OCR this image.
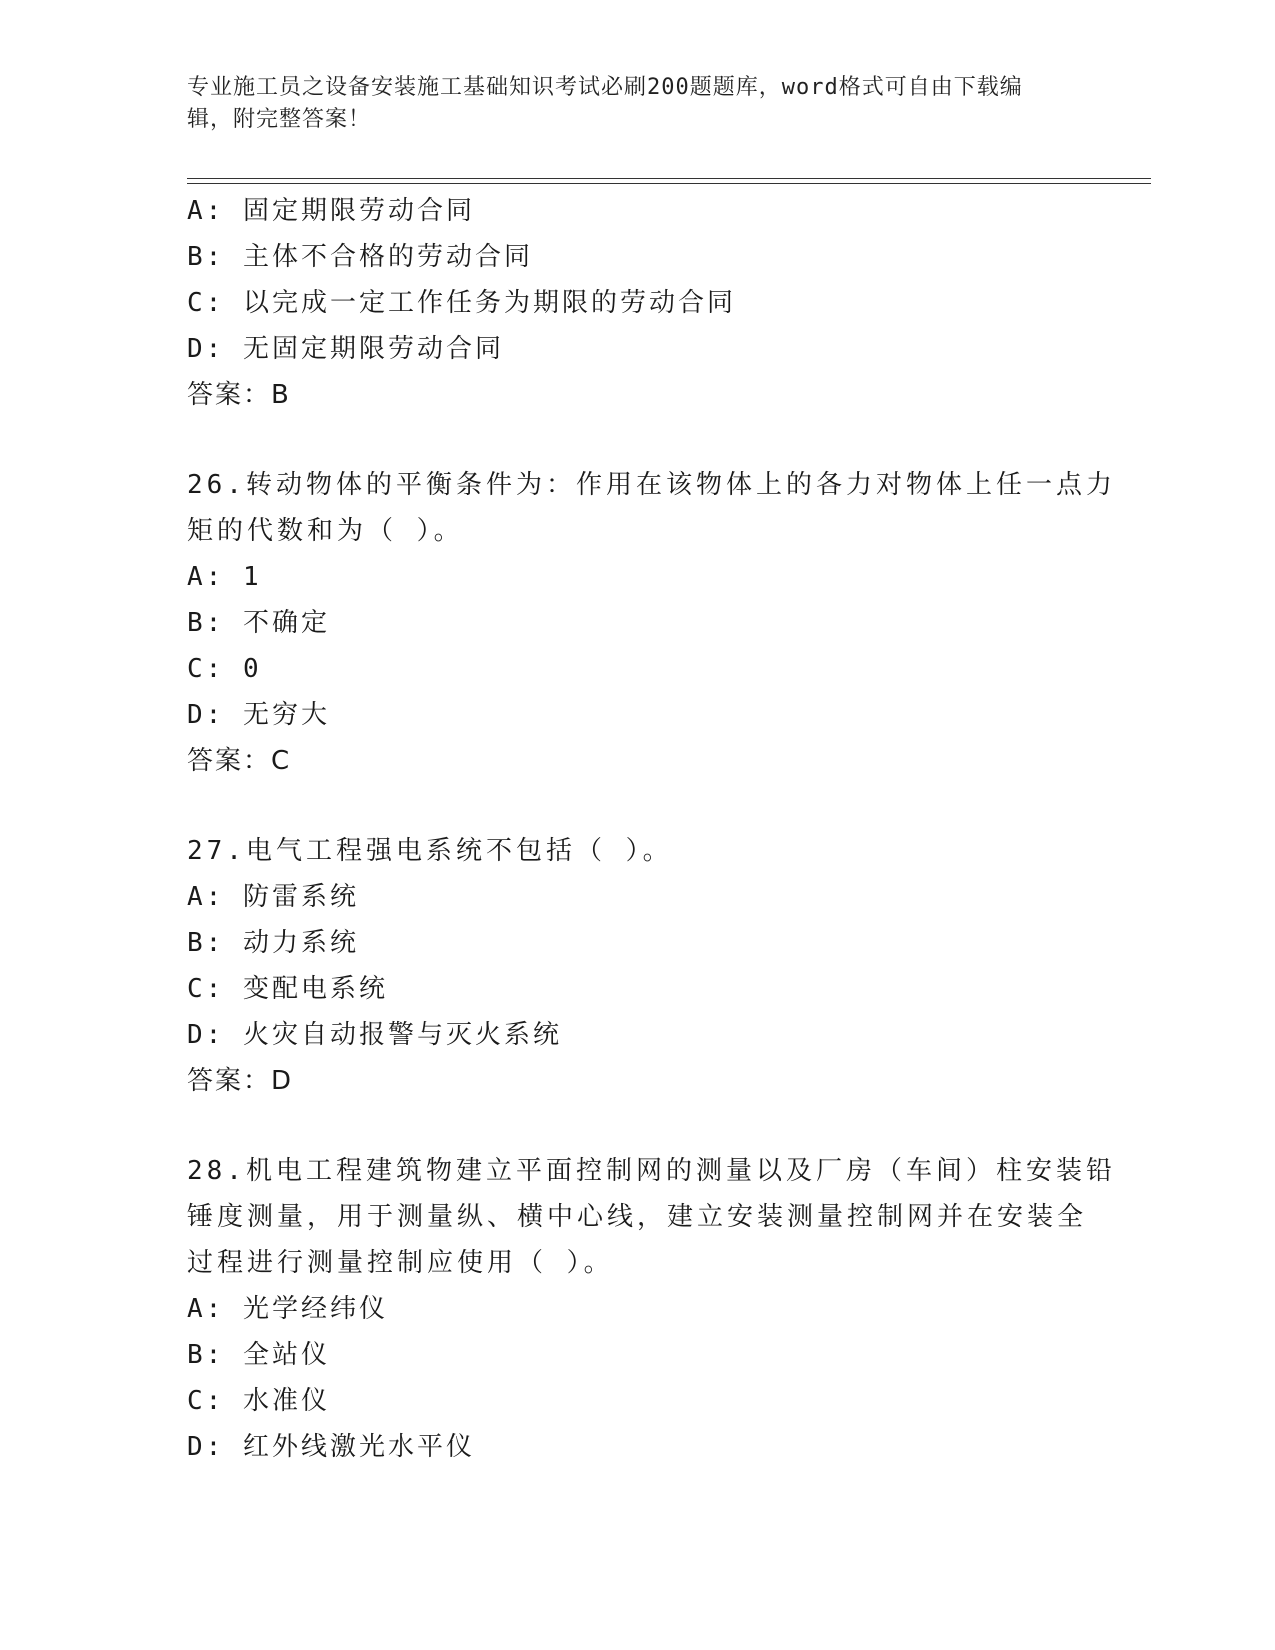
专业施工员之设备安装施工基础知识考试必刷200题题库，word格式可自由下载编辑，附完整答案！
A: 固定期限劳动合同
B: 主体不合格的劳动合同
C: 以完成一定工作任务为期限的劳动合同
D: 无固定期限劳动合同
答案：B
26.转动物体的平衡条件为：作用在该物体上的各力对物体上任一点力
矩的代数和为（ ）。
A: 1
B: 不确定
C: 0
D: 无穷大
答案：C
27.电气工程强电系统不包括（ ）。
A: 防雷系统
B: 动力系统
C: 变配电系统
D: 火灾自动报警与灭火系统
答案：D
28.机电工程建筑物建立平面控制网的测量以及厂房（车间）柱安装铅
锤度测量，用于测量纵、横中心线，建立安装测量控制网并在安装全
过程进行测量控制应使用（ ）。
A: 光学经纬仪
B: 全站仪
C: 水准仪
D: 红外线激光水平仪
